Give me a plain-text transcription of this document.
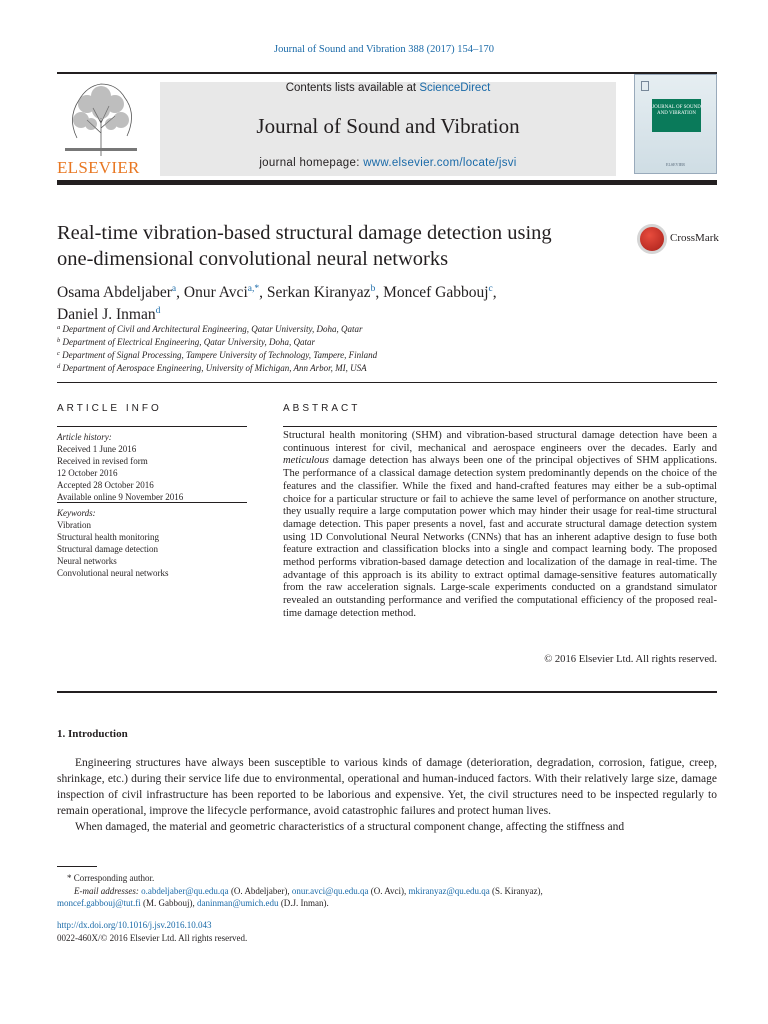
Journal of Sound and Vibration 388 (2017) 154–170
ELSEVIER
Contents lists available at ScienceDirect
Journal of Sound and Vibration
journal homepage: www.elsevier.com/locate/jsvi
JOURNAL OF SOUND AND VIBRATION
ELSEVIER
Real-time vibration-based structural damage detection using
one-dimensional convolutional neural networks
CrossMark
Osama Abdeljaber$^a$, Onur Avci$^{a,*}$, Serkan Kiranyaz$^b$, Moncef Gabbouj$^c$,
Daniel J. Inman$^d$
$^a$ Department of Civil and Architectural Engineering, Qatar University, Doha, Qatar
$^b$ Department of Electrical Engineering, Qatar University, Doha, Qatar
$^c$ Department of Signal Processing, Tampere University of Technology, Tampere, Finland
$^d$ Department of Aerospace Engineering, University of Michigan, Ann Arbor, MI, USA
ARTICLE INFO	ABSTRACT
Article history:
Received 1 June 2016
Received in revised form
12 October 2016
Accepted 28 October 2016
Available online 9 November 2016
Keywords:
Vibration
Structural health monitoring
Structural damage detection
Neural networks
Convolutional neural networks
Structural health monitoring (SHM) and vibration-based structural damage detection have been a continuous interest for civil, mechanical and aerospace engineers over the decades. Early and meticulous damage detection has always been one of the principal objectives of SHM applications. The performance of a classical damage detection system predominantly depends on the choice of the features and the classifier. While the fixed and hand-crafted features may either be a sub-optimal choice for a particular structure or fail to achieve the same level of performance on another structure, they usually require a large computation power which may hinder their usage for real-time structural damage detection. This paper presents a novel, fast and accurate structural damage detection system using 1D Convolutional Neural Networks (CNNs) that has an inherent adaptive design to fuse both feature extraction and classification blocks into a single and compact learning body. The proposed method performs vibration-based damage detection and localization of the damage in real-time. The advantage of this approach is its ability to extract optimal damage-sensitive features automatically from the raw acceleration signals. Large-scale experiments conducted on a grandstand simulator revealed an outstanding performance and verified the computational efficiency of the proposed real-time damage detection method.
© 2016 Elsevier Ltd. All rights reserved.
1. Introduction

Engineering structures have always been susceptible to various kinds of damage (deterioration, degradation, corrosion, fatigue, creep, shrinkage, etc.) during their service life due to environmental, operational and human-induced factors. With their relatively large size, damage inspection of civil infrastructure has been reported to be laborious and expensive. Yet, the civil structures need to be inspected regularly to remain operational, improve the lifecycle performance, avoid catastrophic failures and protect human lives.

When damaged, the material and geometric characteristics of a structural component change, affecting the stiffness and

* Corresponding author.
E-mail addresses: o.abdeljaber@qu.edu.qa (O. Abdeljaber), onur.avci@qu.edu.qa (O. Avci), mkiranyaz@qu.edu.qa (S. Kiranyaz),
moncef.gabbouj@tut.fi (M. Gabbouj), daninman@umich.edu (D.J. Inman).
http://dx.doi.org/10.1016/j.jsv.2016.10.043
0022-460X/© 2016 Elsevier Ltd. All rights reserved.
